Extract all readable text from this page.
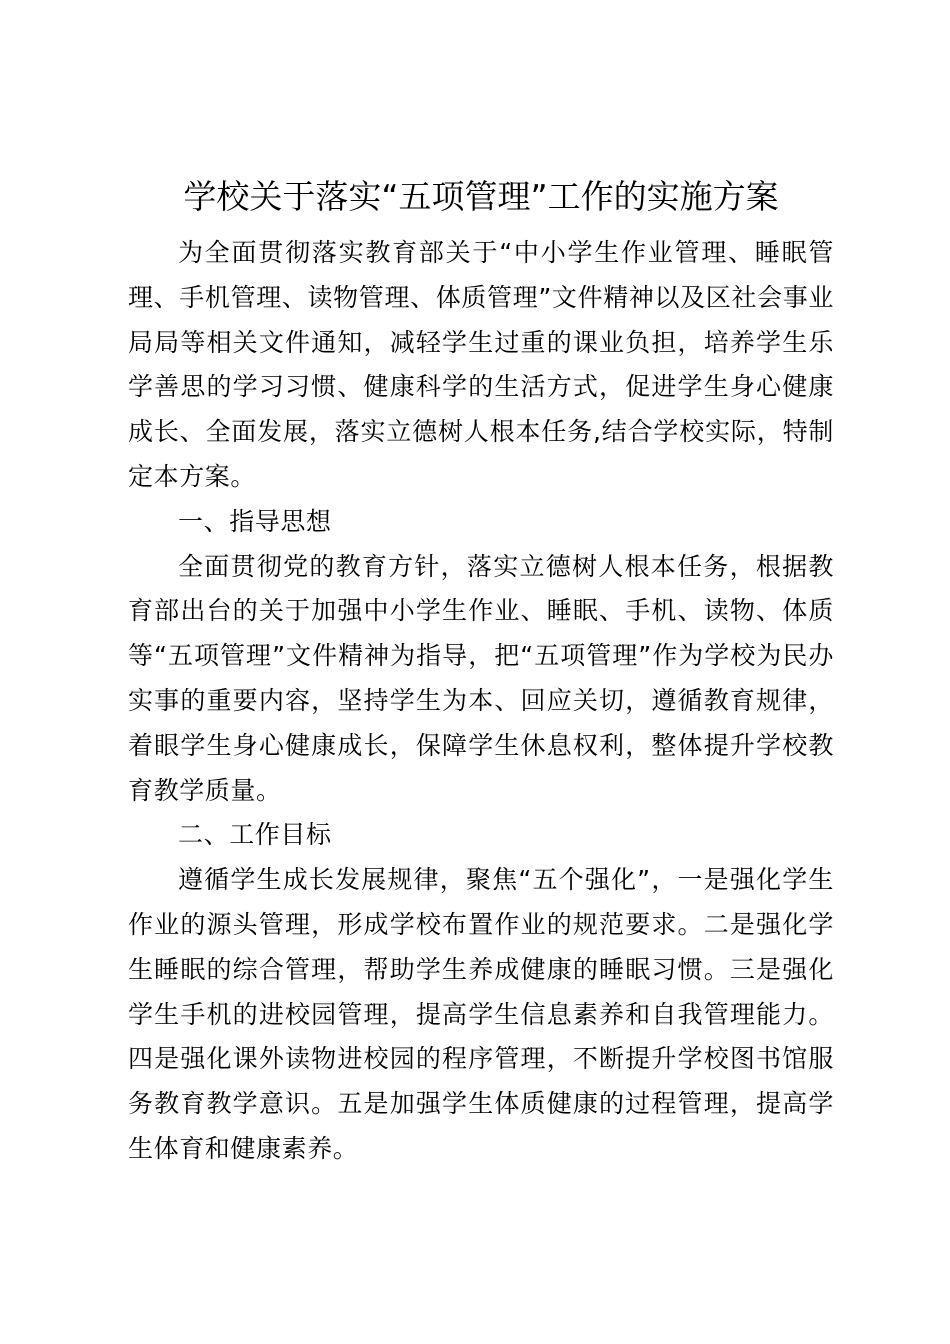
学校关于落实“五项管理”工作的实施方案

为全面贯彻落实教育部关于“中小学生作业管理、睡眠管理、手机管理、读物管理、体质管理”文件精神以及区社会事业局局等相关文件通知，减轻学生过重的课业负担，培养学生乐学善思的学习习惯、健康科学的生活方式，促进学生身心健康成长、全面发展，落实立德树人根本任务,结合学校实际，特制定本方案。

一、指导思想

全面贯彻党的教育方针，落实立德树人根本任务，根据教育部出台的关于加强中小学生作业、睡眠、手机、读物、体质等“五项管理”文件精神为指导，把“五项管理”作为学校为民办实事的重要内容，坚持学生为本、回应关切，遵循教育规律，着眼学生身心健康成长，保障学生休息权利，整体提升学校教育教学质量。

二、工作目标

遵循学生成长发展规律，聚焦“五个强化”，一是强化学生作业的源头管理，形成学校布置作业的规范要求。二是强化学生睡眠的综合管理，帮助学生养成健康的睡眠习惯。三是强化学生手机的进校园管理，提高学生信息素养和自我管理能力。四是强化课外读物进校园的程序管理，不断提升学校图书馆服务教育教学意识。五是加强学生体质健康的过程管理，提高学生体育和健康素养。
